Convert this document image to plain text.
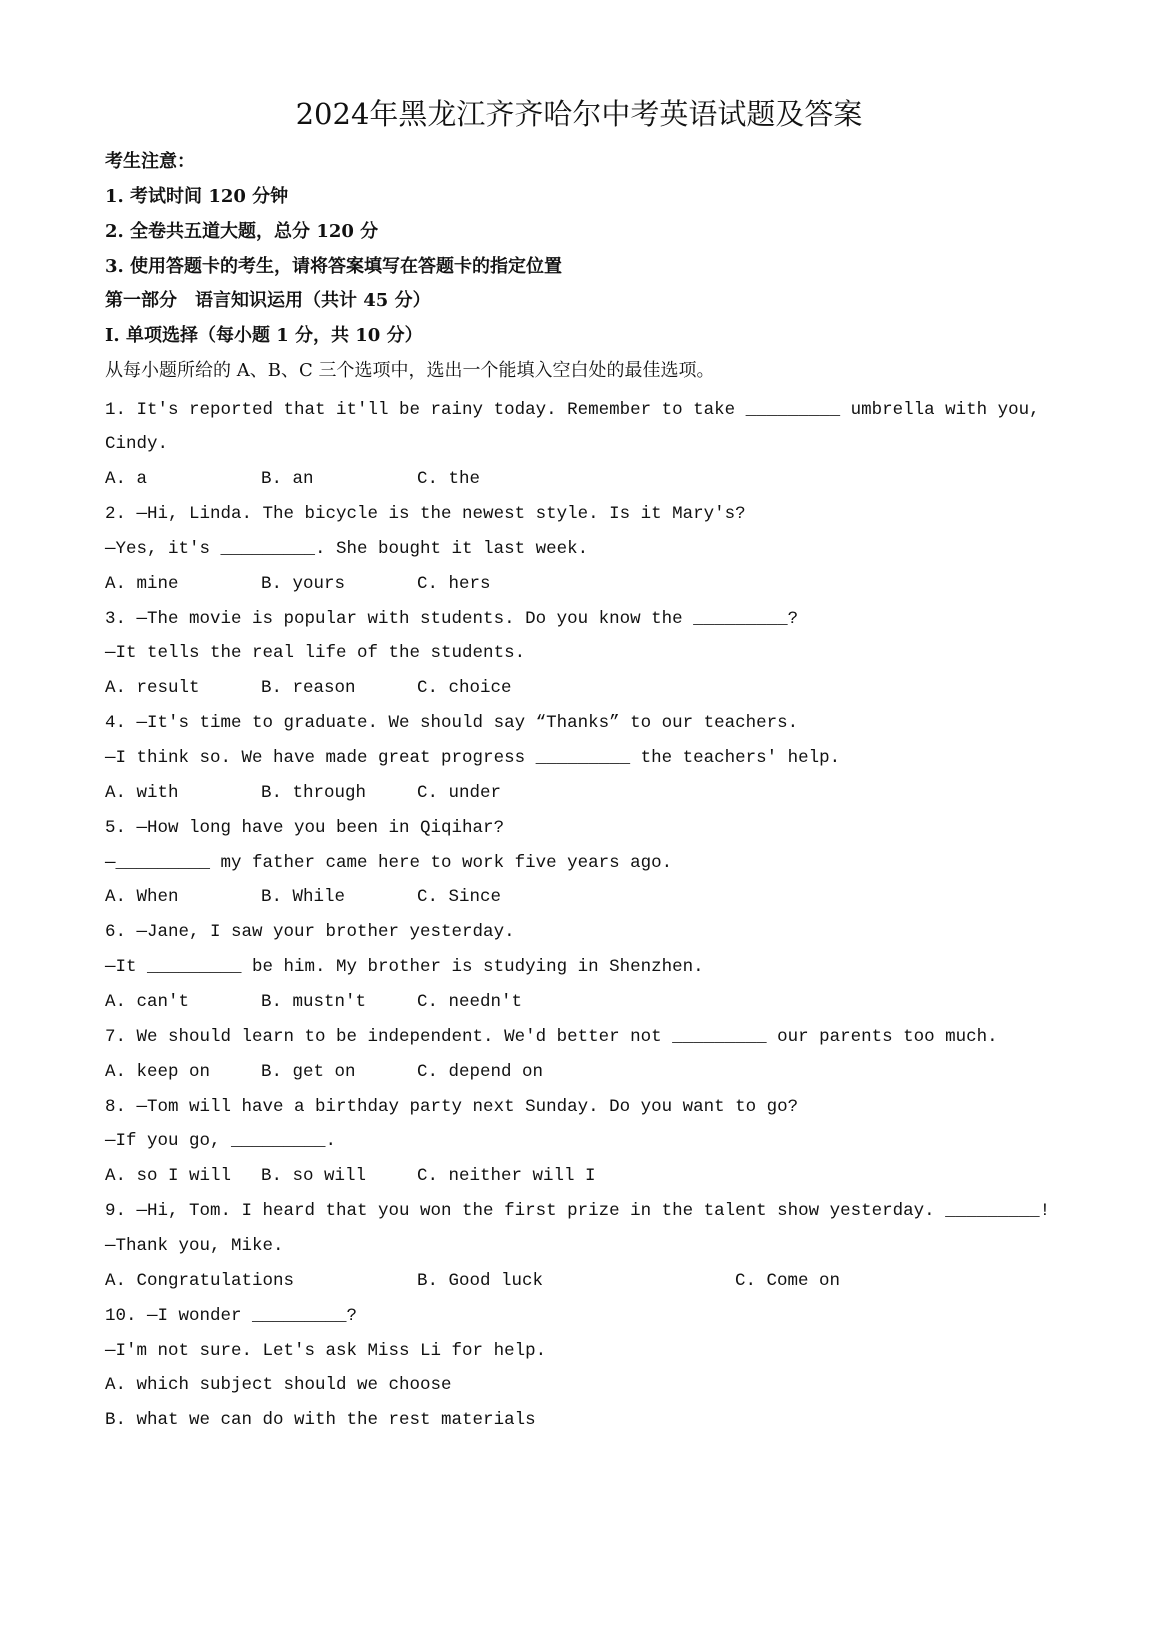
2024年黑龙江齐齐哈尔中考英语试题及答案

考生注意：

1. 考试时间 120 分钟

2. 全卷共五道大题，总分 120 分

3. 使用答题卡的考生，请将答案填写在答题卡的指定位置

第一部分　语言知识运用（共计 45 分）

I. 单项选择（每小题 1 分，共 10 分）

从每小题所给的 A、B、C 三个选项中，选出一个能填入空白处的最佳选项。

1. It's reported that it'll be rainy today. Remember to take _________ umbrella with you,

Cindy.

A. a	B. an	C. the

2. —Hi, Linda. The bicycle is the newest style. Is it Mary's?

—Yes, it's _________. She bought it last week.

A. mine	B. yours	C. hers

3. —The movie is popular with students. Do you know the _________?

—It tells the real life of the students.

A. result	B. reason	C. choice

4. —It's time to graduate. We should say “Thanks” to our teachers.

—I think so. We have made great progress _________ the teachers' help.

A. with	B. through	C. under

5. —How long have you been in Qiqihar?

—_________ my father came here to work five years ago.

A. When	B. While	C. Since

6. —Jane, I saw your brother yesterday.

—It _________ be him. My brother is studying in Shenzhen.

A. can't	B. mustn't	C. needn't

7. We should learn to be independent. We'd better not _________ our parents too much.

A. keep on	B. get on	C. depend on

8. —Tom will have a birthday party next Sunday. Do you want to go?

—If you go, _________.

A. so I will B. so will	C. neither will I

9. —Hi, Tom. I heard that you won the first prize in the talent show yesterday. _________!

—Thank you, Mike.

A. Congratulations	B. Good luck	C. Come on

10. —I wonder _________?

—I'm not sure. Let's ask Miss Li for help.

A. which subject should we choose

B. what we can do with the rest materials
